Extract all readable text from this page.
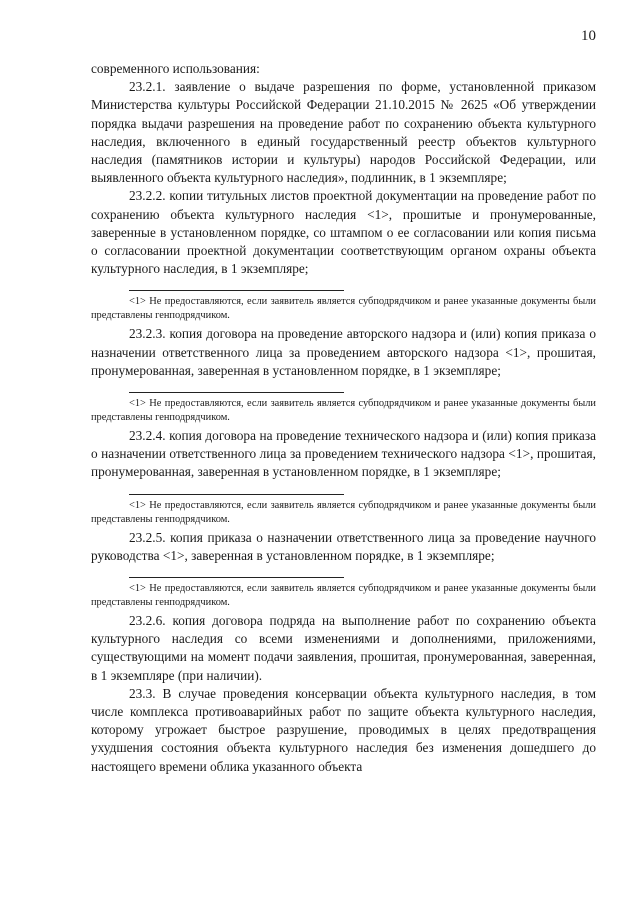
10

современного использования:

23.2.1. заявление о выдаче разрешения по форме, установленной приказом Министерства культуры Российской Федерации 21.10.2015 № 2625 «Об утверждении порядка выдачи разрешения на проведение работ по сохранению объекта культурного наследия, включенного в единый государственный реестр объектов культурного наследия (памятников истории и культуры) народов Российской Федерации, или выявленного объекта культурного наследия», подлинник, в 1 экземпляре;

23.2.2. копии титульных листов проектной документации на проведение работ по сохранению объекта культурного наследия <1>, прошитые и пронумерованные, заверенные в установленном порядке, со штампом о ее согласовании или копия письма о согласовании проектной документации соответствующим органом охраны объекта культурного наследия, в 1 экземпляре;

<1> Не предоставляются, если заявитель является субподрядчиком и ранее указанные документы были представлены генподрядчиком.

23.2.3. копия договора на проведение авторского надзора и (или) копия приказа о назначении ответственного лица за проведением авторского надзора <1>, прошитая, пронумерованная, заверенная в установленном порядке, в 1 экземпляре;

<1> Не предоставляются, если заявитель является субподрядчиком и ранее указанные документы были представлены генподрядчиком.

23.2.4. копия договора на проведение технического надзора и (или) копия приказа о назначении ответственного лица за проведением технического надзора <1>, прошитая, пронумерованная, заверенная в установленном порядке, в 1 экземпляре;

<1> Не предоставляются, если заявитель является субподрядчиком и ранее указанные документы были представлены генподрядчиком.

23.2.5. копия приказа о назначении ответственного лица за проведение научного руководства <1>, заверенная в установленном порядке, в 1 экземпляре;

<1> Не предоставляются, если заявитель является субподрядчиком и ранее указанные документы были представлены генподрядчиком.

23.2.6. копия договора подряда на выполнение работ по сохранению объекта культурного наследия со всеми изменениями и дополнениями, приложениями, существующими на момент подачи заявления, прошитая, пронумерованная, заверенная, в 1 экземпляре (при наличии).

23.3. В случае проведения консервации объекта культурного наследия, в том числе комплекса противоаварийных работ по защите объекта культурного наследия, которому угрожает быстрое разрушение, проводимых в целях предотвращения ухудшения состояния объекта культурного наследия без изменения дошедшего до настоящего времени облика указанного объекта
